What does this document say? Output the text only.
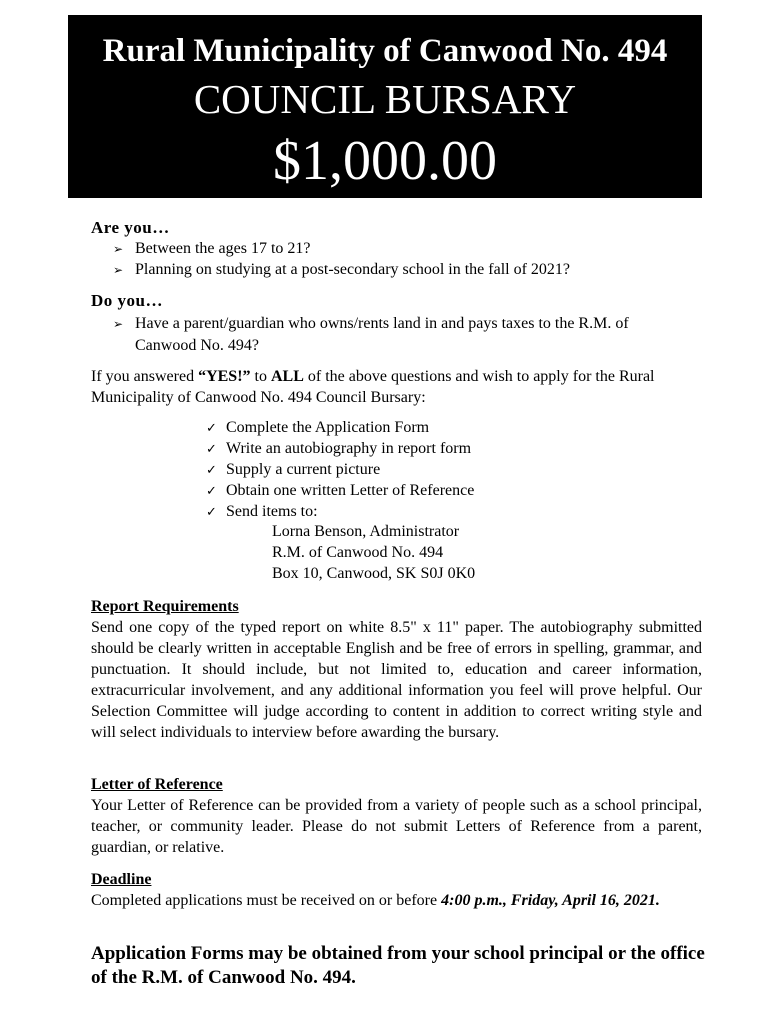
Rural Municipality of Canwood No. 494
COUNCIL BURSARY
$1,000.00
Are you…
➢ Between the ages 17 to 21?
➢ Planning on studying at a post-secondary school in the fall of 2021?
Do you…
➢ Have a parent/guardian who owns/rents land in and pays taxes to the R.M. of
Canwood No. 494?
If you answered “YES!” to ALL of the above questions and wish to apply for the Rural Municipality of Canwood No. 494 Council Bursary:
✓ Complete the Application Form
✓ Write an autobiography in report form
✓ Supply a current picture
✓ Obtain one written Letter of Reference
✓ Send items to:
Lorna Benson, Administrator
R.M. of Canwood No. 494
Box 10, Canwood, SK S0J 0K0
Report Requirements
Send one copy of the typed report on white 8.5" x 11" paper. The autobiography submitted should be clearly written in acceptable English and be free of errors in spelling, grammar, and punctuation. It should include, but not limited to, education and career information, extracurricular involvement, and any additional information you feel will prove helpful. Our Selection Committee will judge according to content in addition to correct writing style and will select individuals to interview before awarding the bursary.
Letter of Reference
Your Letter of Reference can be provided from a variety of people such as a school principal, teacher, or community leader. Please do not submit Letters of Reference from a parent, guardian, or relative.
Deadline
Completed applications must be received on or before 4:00 p.m., Friday, April 16, 2021.
Application Forms may be obtained from your school principal or the office of the R.M. of Canwood No. 494.
